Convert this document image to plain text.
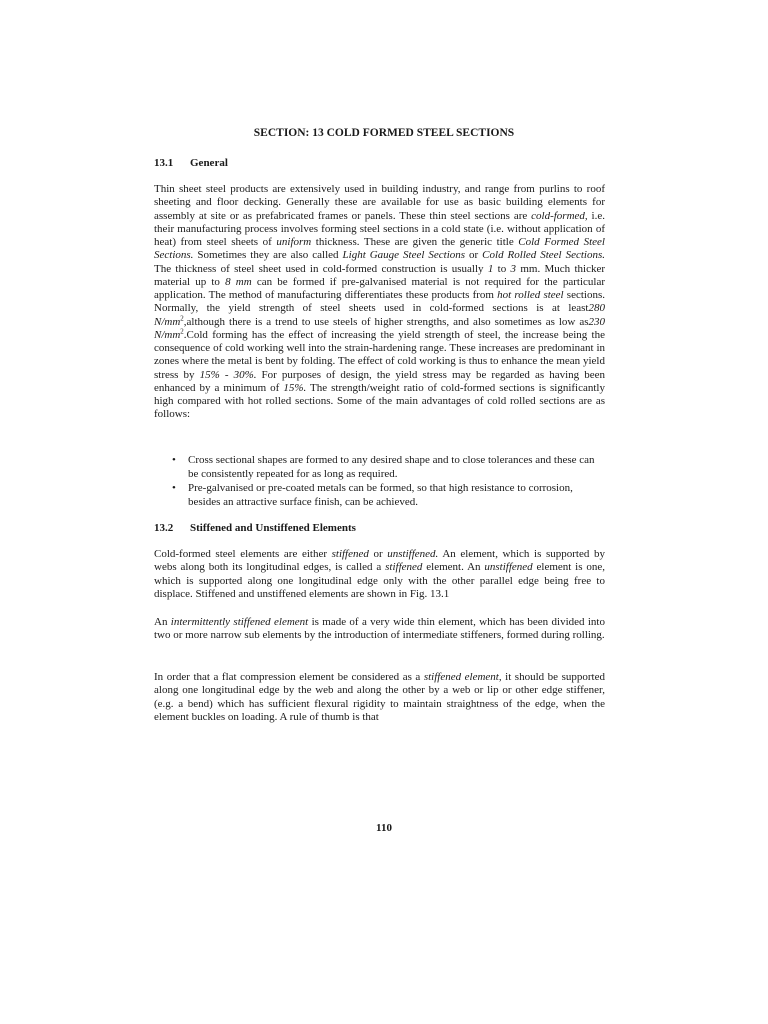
SECTION: 13 COLD FORMED STEEL SECTIONS
13.1 General
Thin sheet steel products are extensively used in building industry, and range from purlins to roof sheeting and floor decking. Generally these are available for use as basic building elements for assembly at site or as prefabricated frames or panels. These thin steel sections are cold-formed, i.e. their manufacturing process involves forming steel sections in a cold state (i.e. without application of heat) from steel sheets of uniform thickness. These are given the generic title Cold Formed Steel Sections. Sometimes they are also called Light Gauge Steel Sections or Cold Rolled Steel Sections. The thickness of steel sheet used in cold-formed construction is usually 1 to 3 mm. Much thicker material up to 8 mm can be formed if pre-galvanised material is not required for the particular application. The method of manufacturing differentiates these products from hot rolled steel sections. Normally, the yield strength of steel sheets used in cold-formed sections is at least280 $N/mm^2,although$ there is a trend to use steels of higher strengths, and also sometimes as low as230 $N/mm^2.Cold$ forming has the effect of increasing the yield strength of steel, the increase being the consequence of cold working well into the strain-hardening range. These increases are predominant in zones where the metal is bent by folding. The effect of cold working is thus to enhance the mean yield stress by 15% - 30%. For purposes of design, the yield stress may be regarded as having been enhanced by a minimum of 15%. The strength/weight ratio of cold-formed sections is significantly high compared with hot rolled sections. Some of the main advantages of cold rolled sections are as follows:
• Cross sectional shapes are formed to any desired shape and to close tolerances and these can be consistently repeated for as long as required.
• Pre-galvanised or pre-coated metals can be formed, so that high resistance to corrosion, besides an attractive surface finish, can be achieved.
13.2 Stiffened and Unstiffened Elements
Cold-formed steel elements are either stiffened or unstiffened. An element, which is supported by webs along both its longitudinal edges, is called a stiffened element. An unstiffened element is one, which is supported along one longitudinal edge only with the other parallel edge being free to displace. Stiffened and unstiffened elements are shown in Fig. 13.1
An intermittently stiffened element is made of a very wide thin element, which has been divided into two or more narrow sub elements by the introduction of intermediate stiffeners, formed during rolling.
In order that a flat compression element be considered as a stiffened element, it should be supported along one longitudinal edge by the web and along the other by a web or lip or other edge stiffener, (e.g. a bend) which has sufficient flexural rigidity to maintain straightness of the edge, when the element buckles on loading. A rule of thumb is that
110
